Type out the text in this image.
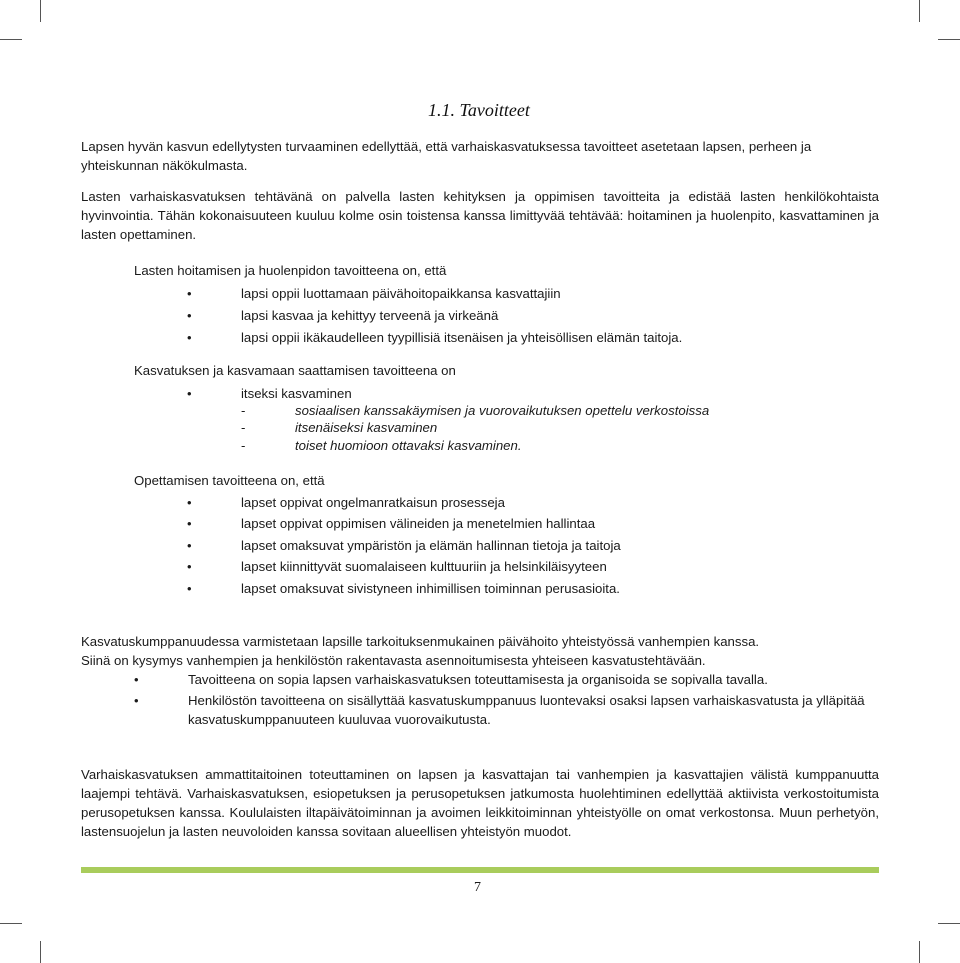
1.1. Tavoitteet

Lapsen hyvän kasvun edellytysten turvaaminen edellyttää, että varhaiskasvatuksessa tavoitteet asetetaan lapsen, perheen ja yhteiskunnan näkökulmasta.

Lasten varhaiskasvatuksen tehtävänä on palvella lasten kehityksen ja oppimisen tavoitteita ja edistää lasten henkilökohtaista hyvinvointia. Tähän kokonaisuuteen kuuluu kolme osin toistensa kanssa limittyvää tehtävää: hoitaminen ja huolenpito, kasvattaminen ja lasten opettaminen.

Lasten hoitamisen ja huolenpidon tavoitteena on, että
•	lapsi oppii luottamaan päivähoitopaikkansa kasvattajiin
•	lapsi kasvaa ja kehittyy terveenä ja virkeänä
•	lapsi oppii ikäkaudelleen tyypillisiä itsenäisen ja yhteisöllisen elämän taitoja.
Kasvatuksen ja kasvamaan saattamisen tavoitteena on
•	itseksi kasvaminen
-	sosiaalisen kanssakäymisen ja vuorovaikutuksen opettelu verkostoissa
-	itsenäiseksi kasvaminen
-	toiset huomioon ottavaksi kasvaminen.
Opettamisen tavoitteena on, että
•	lapset oppivat ongelmanratkaisun prosesseja
•	lapset oppivat oppimisen välineiden ja menetelmien hallintaa
•	lapset omaksuvat ympäristön ja elämän hallinnan tietoja ja taitoja
•	lapset kiinnittyvät suomalaiseen kulttuuriin ja helsinkiläisyyteen
•	lapset omaksuvat sivistyneen inhimillisen toiminnan perusasioita.
Kasvatuskumppanuudessa varmistetaan lapsille tarkoituksenmukainen päivähoito yhteistyössä vanhempien kanssa.
Siinä on kysymys vanhempien ja henkilöstön rakentavasta asennoitumisesta yhteiseen kasvatustehtävään.
•	Tavoitteena on sopia lapsen varhaiskasvatuksen toteuttamisesta ja organisoida se sopivalla tavalla.
•	Henkilöstön tavoitteena on sisällyttää kasvatuskumppanuus luontevaksi osaksi lapsen varhaiskasvatusta ja ylläpitää kasvatuskumppanuuteen kuuluvaa vuorovaikutusta.

Varhaiskasvatuksen ammattitaitoinen toteuttaminen on lapsen ja kasvattajan tai vanhempien ja kasvattajien välistä kumppanuutta laajempi tehtävä. Varhaiskasvatuksen, esiopetuksen ja perusopetuksen jatkumosta huolehtiminen edellyttää aktiivista verkostoitumista perusopetuksen kanssa. Koululaisten iltapäivätoiminnan ja avoimen leikkitoiminnan yhteistyölle on omat verkostonsa. Muun perhetyön, lastensuojelun ja lasten neuvoloiden kanssa sovitaan alueellisen yhteistyön muodot.

7
